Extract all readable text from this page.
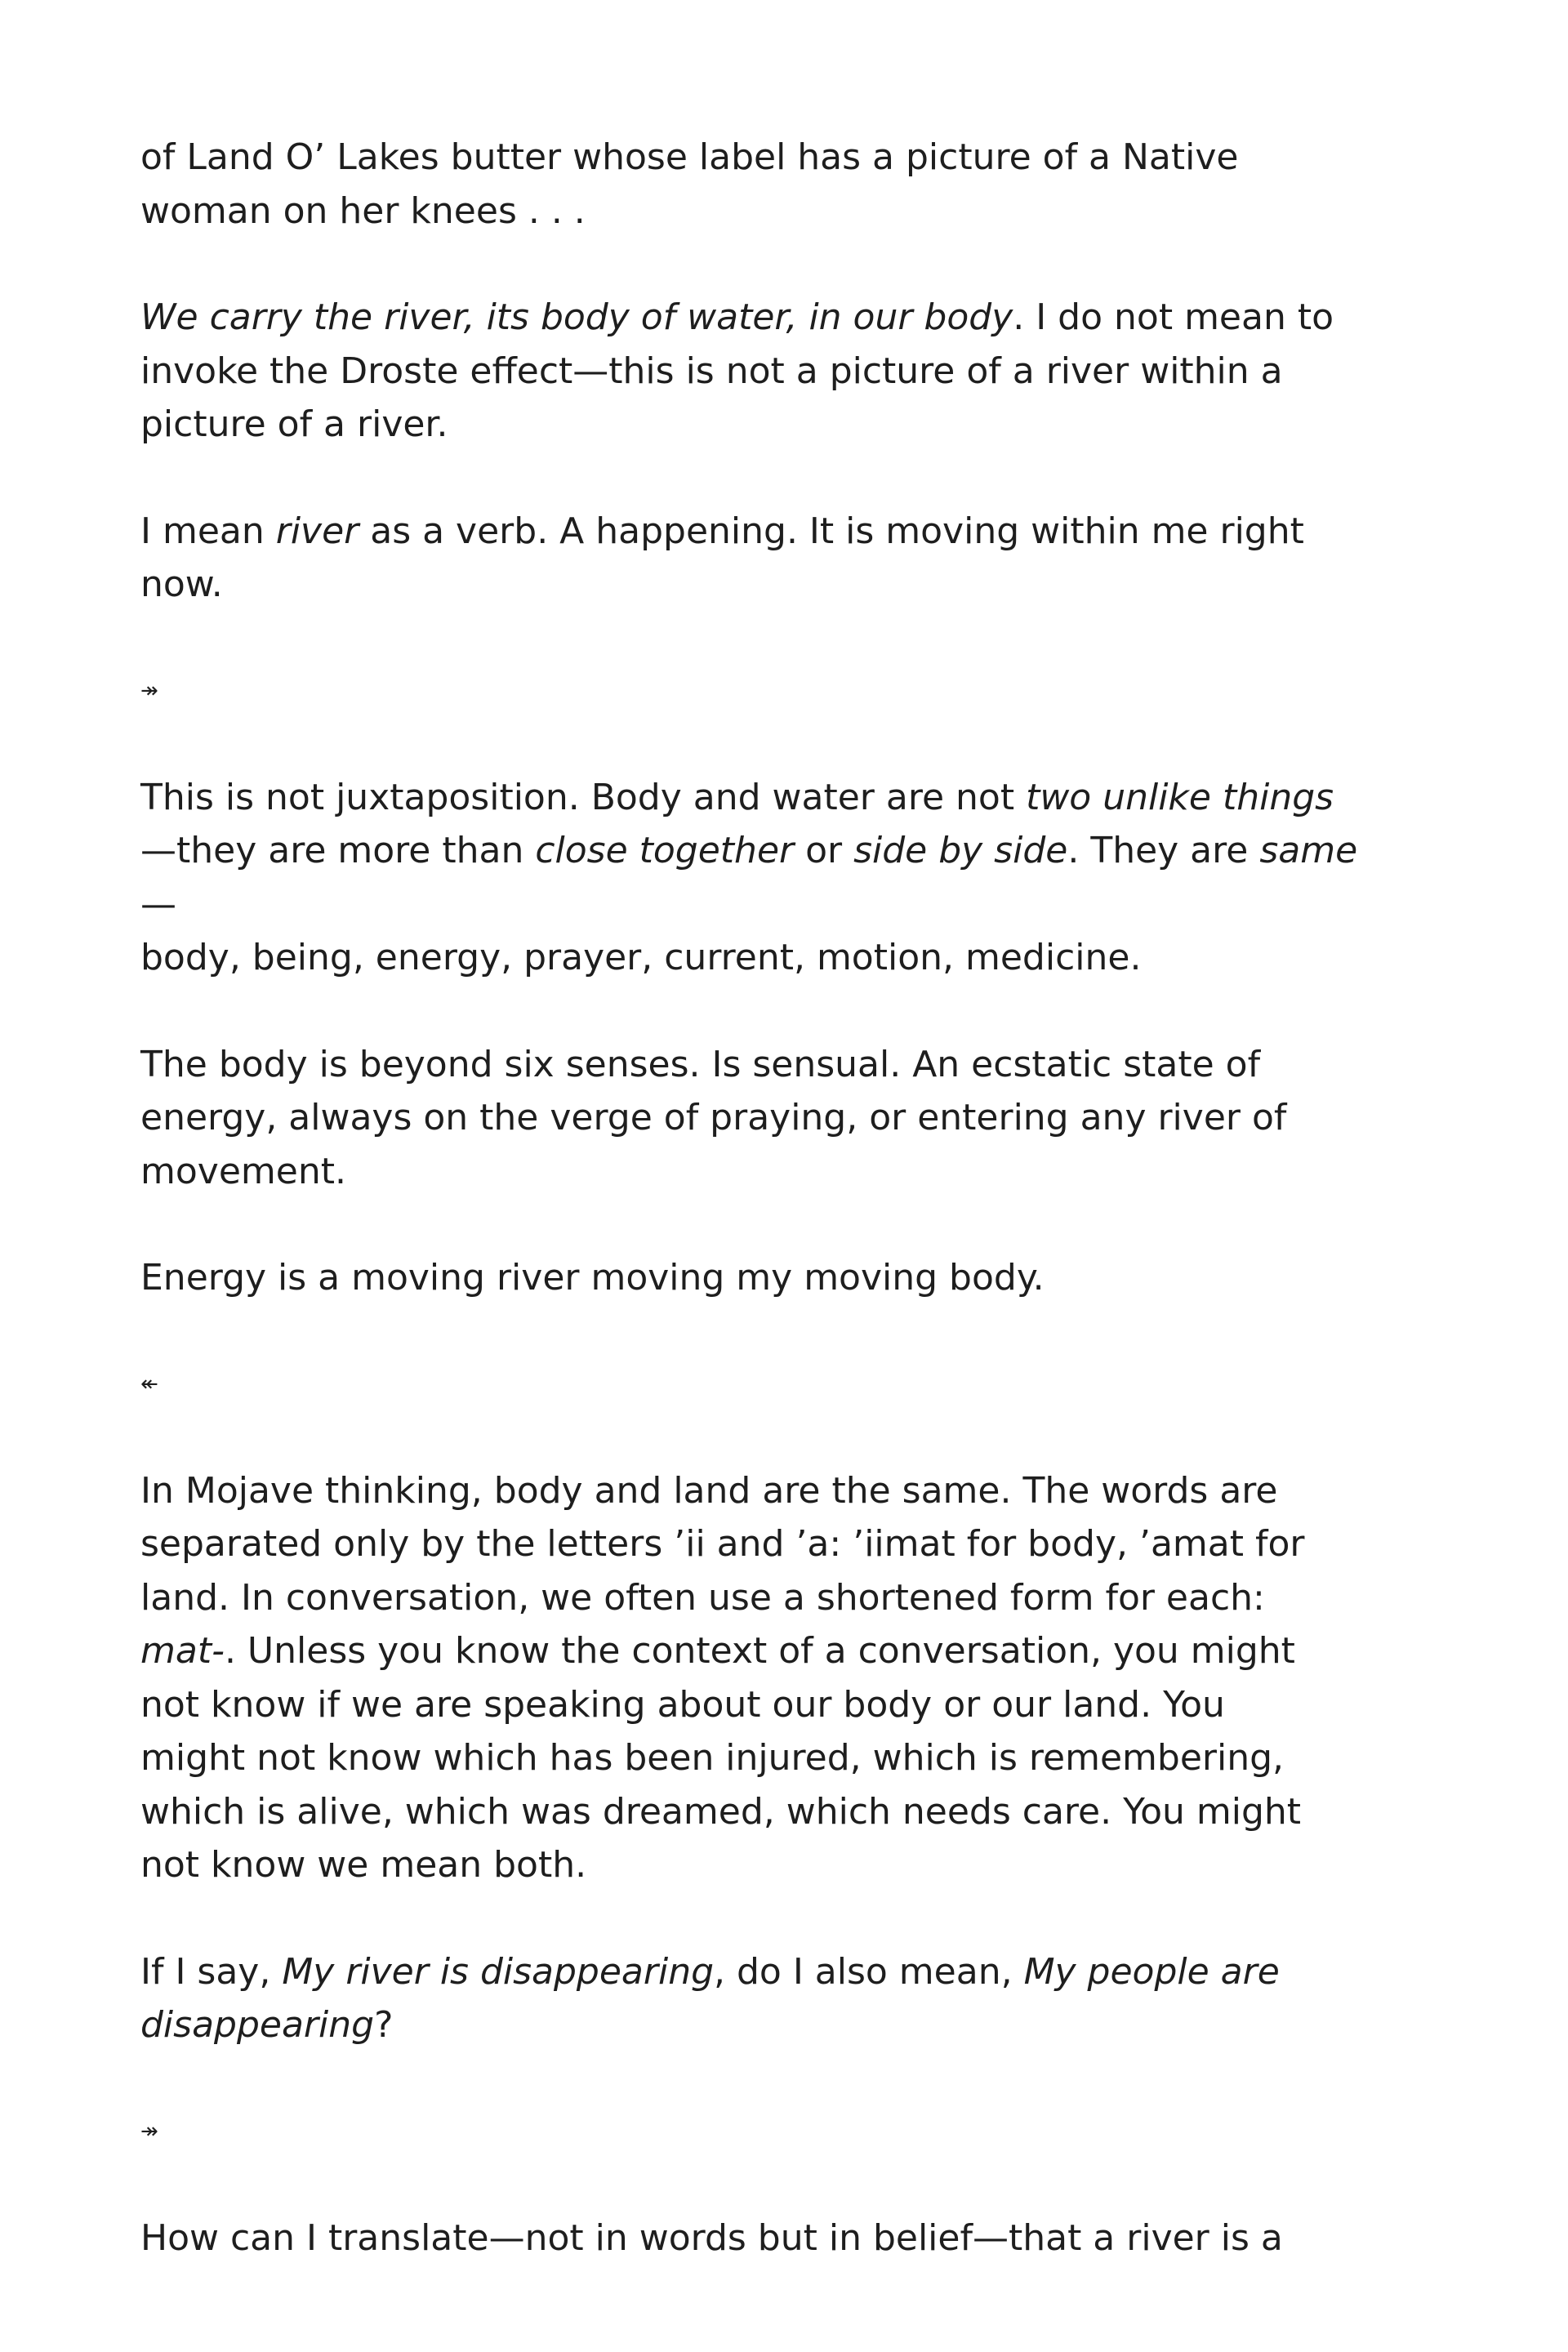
of Land O’ Lakes butter whose label has a picture of a Native
woman on her knees . . .

We carry the river, its body of water, in our body. I do not mean to
invoke the Droste effect—this is not a picture of a river within a
picture of a river.

I mean river as a verb. A happening. It is moving within me right
now.

↠

This is not juxtaposition. Body and water are not two unlike things
—they are more than close together or side by side. They are same—
body, being, energy, prayer, current, motion, medicine.

The body is beyond six senses. Is sensual. An ecstatic state of
energy, always on the verge of praying, or entering any river of
movement.

Energy is a moving river moving my moving body.

↞

In Mojave thinking, body and land are the same. The words are
separated only by the letters ’ii and ’a: ’iimat for body, ’amat for
land. In conversation, we often use a shortened form for each:
mat-. Unless you know the context of a conversation, you might
not know if we are speaking about our body or our land. You
might not know which has been injured, which is remembering,
which is alive, which was dreamed, which needs care. You might
not know we mean both.

If I say, My river is disappearing, do I also mean, My people are
disappearing?

↠

How can I translate—not in words but in belief—that a river is a
